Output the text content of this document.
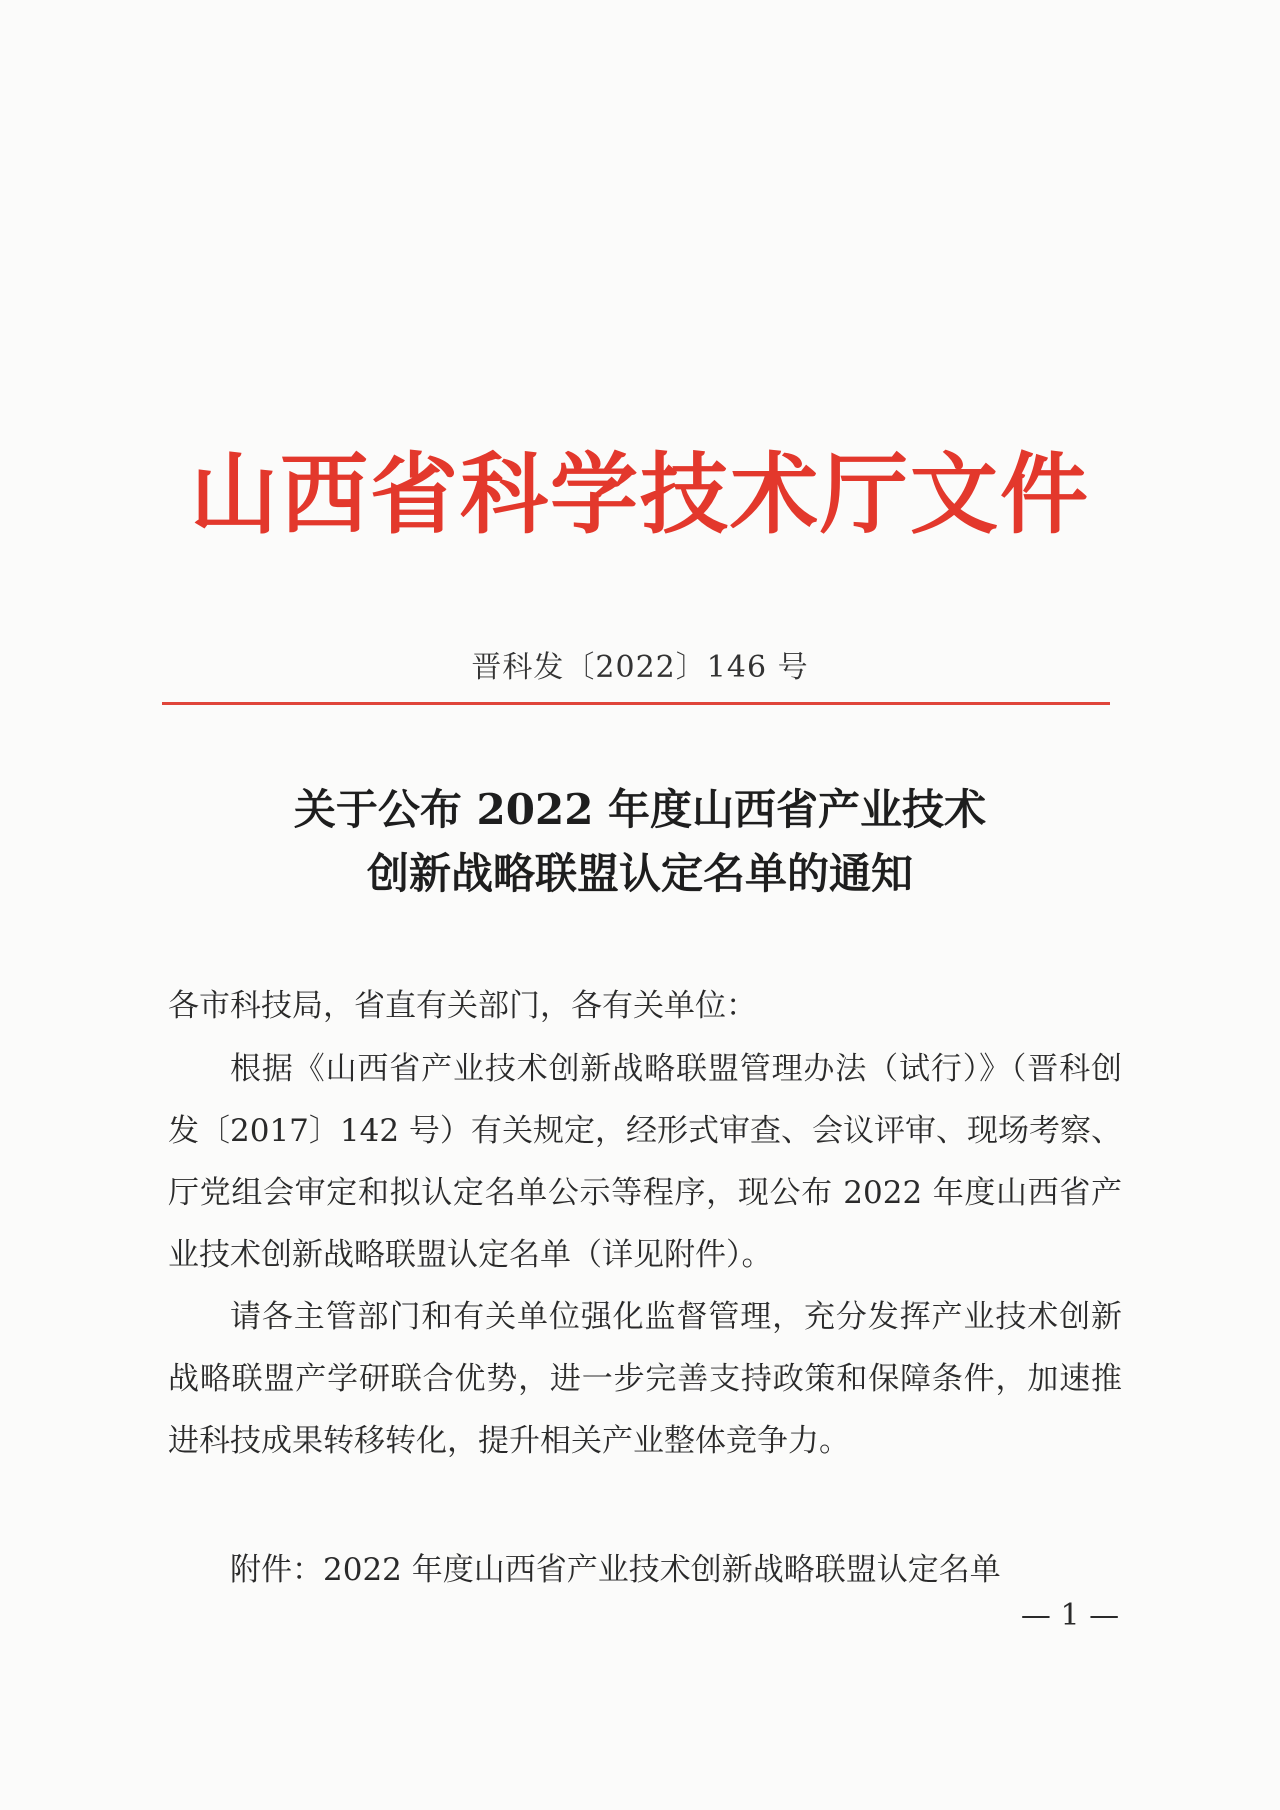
山西省科学技术厅文件
晋科发〔2022〕146 号
关于公布 2022 年度山西省产业技术
创新战略联盟认定名单的通知
各市科技局，省直有关部门，各有关单位：

根据《山西省产业技术创新战略联盟管理办法（试行）》（晋科创发〔2017〕142 号）有关规定，经形式审查、会议评审、现场考察、厅党组会审定和拟认定名单公示等程序，现公布 2022 年度山西省产业技术创新战略联盟认定名单（详见附件）。

请各主管部门和有关单位强化监督管理，充分发挥产业技术创新战略联盟产学研联合优势，进一步完善支持政策和保障条件，加速推进科技成果转移转化，提升相关产业整体竞争力。

附件：2022 年度山西省产业技术创新战略联盟认定名单
— 1 —
